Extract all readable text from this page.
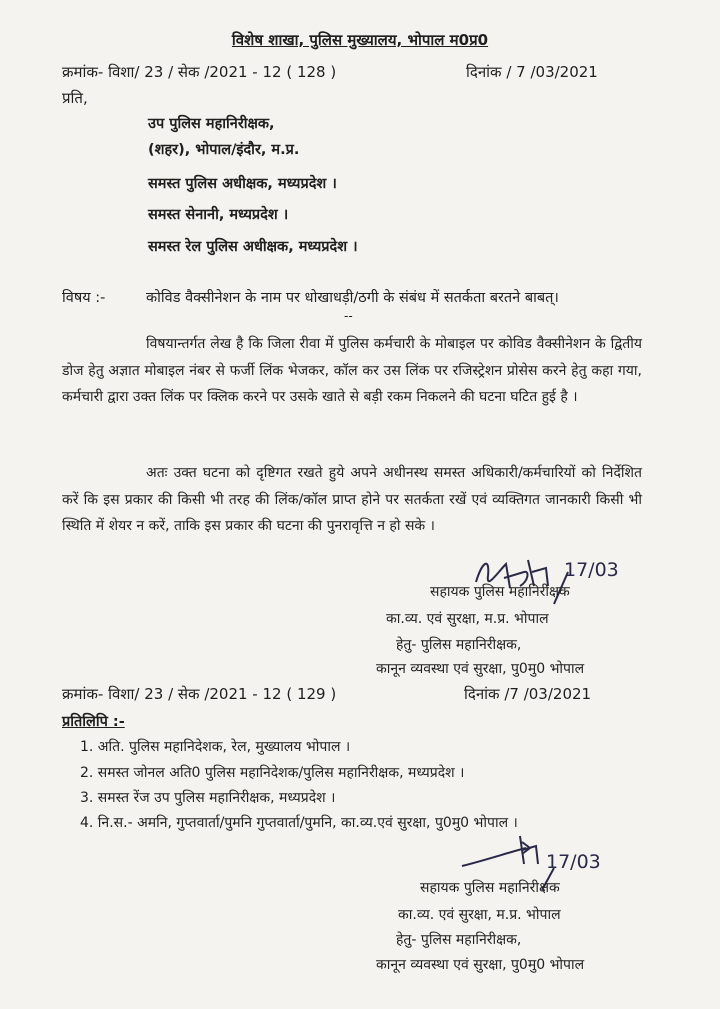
विशेष शाखा, पुलिस मुख्यालय, भोपाल म0प्र0
क्रमांक- विशा/ 23 / सेक /2021 - 12 ( 128 )	दिनांक / 7 /03/2021
प्रति,
उप पुलिस महानिरीक्षक,
(शहर), भोपाल/इंदौर, म.प्र.
समस्त पुलिस अधीक्षक, मध्यप्रदेश ।
समस्त सेनानी, मध्यप्रदेश ।
समस्त रेल पुलिस अधीक्षक, मध्यप्रदेश ।
विषय :-	कोविड वैक्सीनेशन के नाम पर धोखाधड़ी/ठगी के संबंध में सतर्कता बरतने बाबत्।
--
विषयान्तर्गत लेख है कि जिला रीवा में पुलिस कर्मचारी के मोबाइल पर कोविड वैक्सीनेशन के द्वितीय डोज हेतु अज्ञात मोबाइल नंबर से फर्जी लिंक भेजकर, कॉल कर उस लिंक पर रजिस्ट्रेशन प्रोसेस करने हेतु कहा गया, कर्मचारी द्वारा उक्त लिंक पर क्लिक करने पर उसके खाते से बड़ी रकम निकलने की घटना घटित हुई है ।
अतः उक्त घटना को दृष्टिगत रखते हुये अपने अधीनस्थ समस्त अधिकारी/कर्मचारियों को निर्देशित करें कि इस प्रकार की किसी भी तरह की लिंक/कॉल प्राप्त होने पर सतर्कता रखें एवं व्यक्तिगत जानकारी किसी भी स्थिति में शेयर न करें, ताकि इस प्रकार की घटना की पुनरावृत्ति न हो सके ।
17/03
सहायक पुलिस महानिरीक्षक
का.व्य. एवं सुरक्षा, म.प्र. भोपाल
हेतु- पुलिस महानिरीक्षक,
कानून व्यवस्था एवं सुरक्षा, पु0मु0 भोपाल
क्रमांक- विशा/ 23 / सेक /2021 - 12 ( 129 )	दिनांक /7 /03/2021
प्रतिलिपि :-
1. अति. पुलिस महानिदेशक, रेल, मुख्यालय भोपाल ।
2. समस्त जोनल अति0 पुलिस महानिदेशक/पुलिस महानिरीक्षक, मध्यप्रदेश ।
3. समस्त रेंज उप पुलिस महानिरीक्षक, मध्यप्रदेश ।
4. नि.स.- अमनि, गुप्तवार्ता/पुमनि गुप्तवार्ता/पुमनि, का.व्य.एवं सुरक्षा, पु0मु0 भोपाल ।
17/03
सहायक पुलिस महानिरीक्षक
का.व्य. एवं सुरक्षा, म.प्र. भोपाल
हेतु- पुलिस महानिरीक्षक,
कानून व्यवस्था एवं सुरक्षा, पु0मु0 भोपाल
